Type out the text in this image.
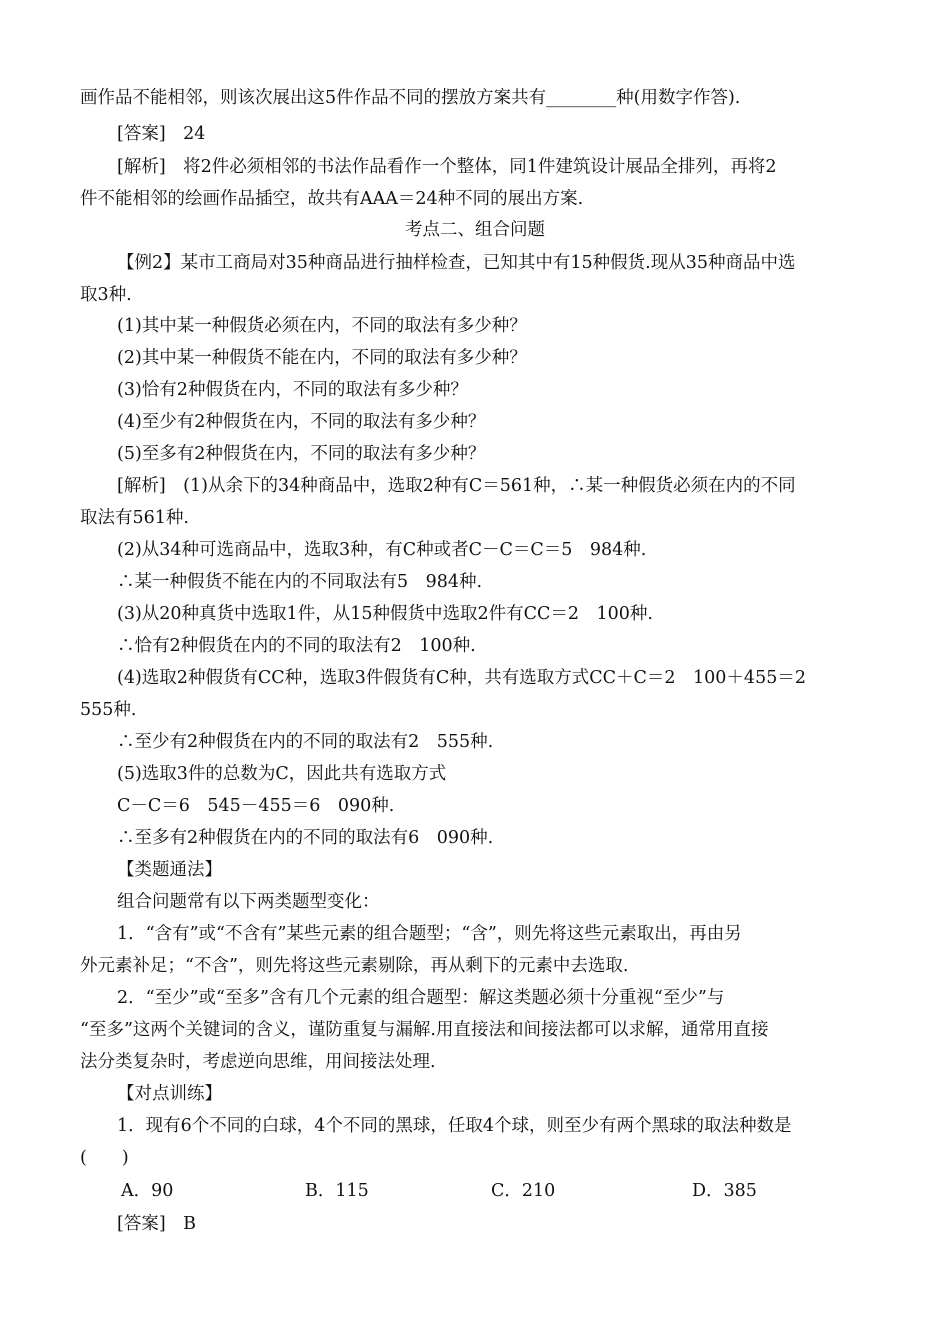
画作品不能相邻，则该次展出这5件作品不同的摆放方案共有________种(用数字作答).
[答案]　24
[解析]　将2件必须相邻的书法作品看作一个整体，同1件建筑设计展品全排列，再将2
件不能相邻的绘画作品插空，故共有AAA＝24种不同的展出方案.
考点二、组合问题
【例2】某市工商局对35种商品进行抽样检查，已知其中有15种假货.现从35种商品中选
取3种.
(1)其中某一种假货必须在内，不同的取法有多少种？
(2)其中某一种假货不能在内，不同的取法有多少种？
(3)恰有2种假货在内，不同的取法有多少种？
(4)至少有2种假货在内，不同的取法有多少种？
(5)至多有2种假货在内，不同的取法有多少种？
[解析]　(1)从余下的34种商品中，选取2种有C＝561种，∴某一种假货必须在内的不同
取法有561种.
(2)从34种可选商品中，选取3种，有C种或者C－C＝C＝5　984种.
∴某一种假货不能在内的不同取法有5　984种.
(3)从20种真货中选取1件，从15种假货中选取2件有CC＝2　100种.
∴恰有2种假货在内的不同的取法有2　100种.
(4)选取2种假货有CC种，选取3件假货有C种，共有选取方式CC＋C＝2　100＋455＝2
555种.
∴至少有2种假货在内的不同的取法有2　555种.
(5)选取3件的总数为C，因此共有选取方式
C－C＝6　545－455＝6　090种.
∴至多有2种假货在内的不同的取法有6　090种.
【类题通法】
组合问题常有以下两类题型变化：
1．“含有”或“不含有”某些元素的组合题型；“含”，则先将这些元素取出，再由另
外元素补足；“不含”，则先将这些元素剔除，再从剩下的元素中去选取.
2．“至少”或“至多”含有几个元素的组合题型：解这类题必须十分重视“至少”与
“至多”这两个关键词的含义，谨防重复与漏解.用直接法和间接法都可以求解，通常用直接
法分类复杂时，考虑逆向思维，用间接法处理.
【对点训练】
1．现有6个不同的白球，4个不同的黑球，任取4个球，则至少有两个黑球的取法种数是
(　　)
A．90	B．115	C．210	D．385
[答案]　B
